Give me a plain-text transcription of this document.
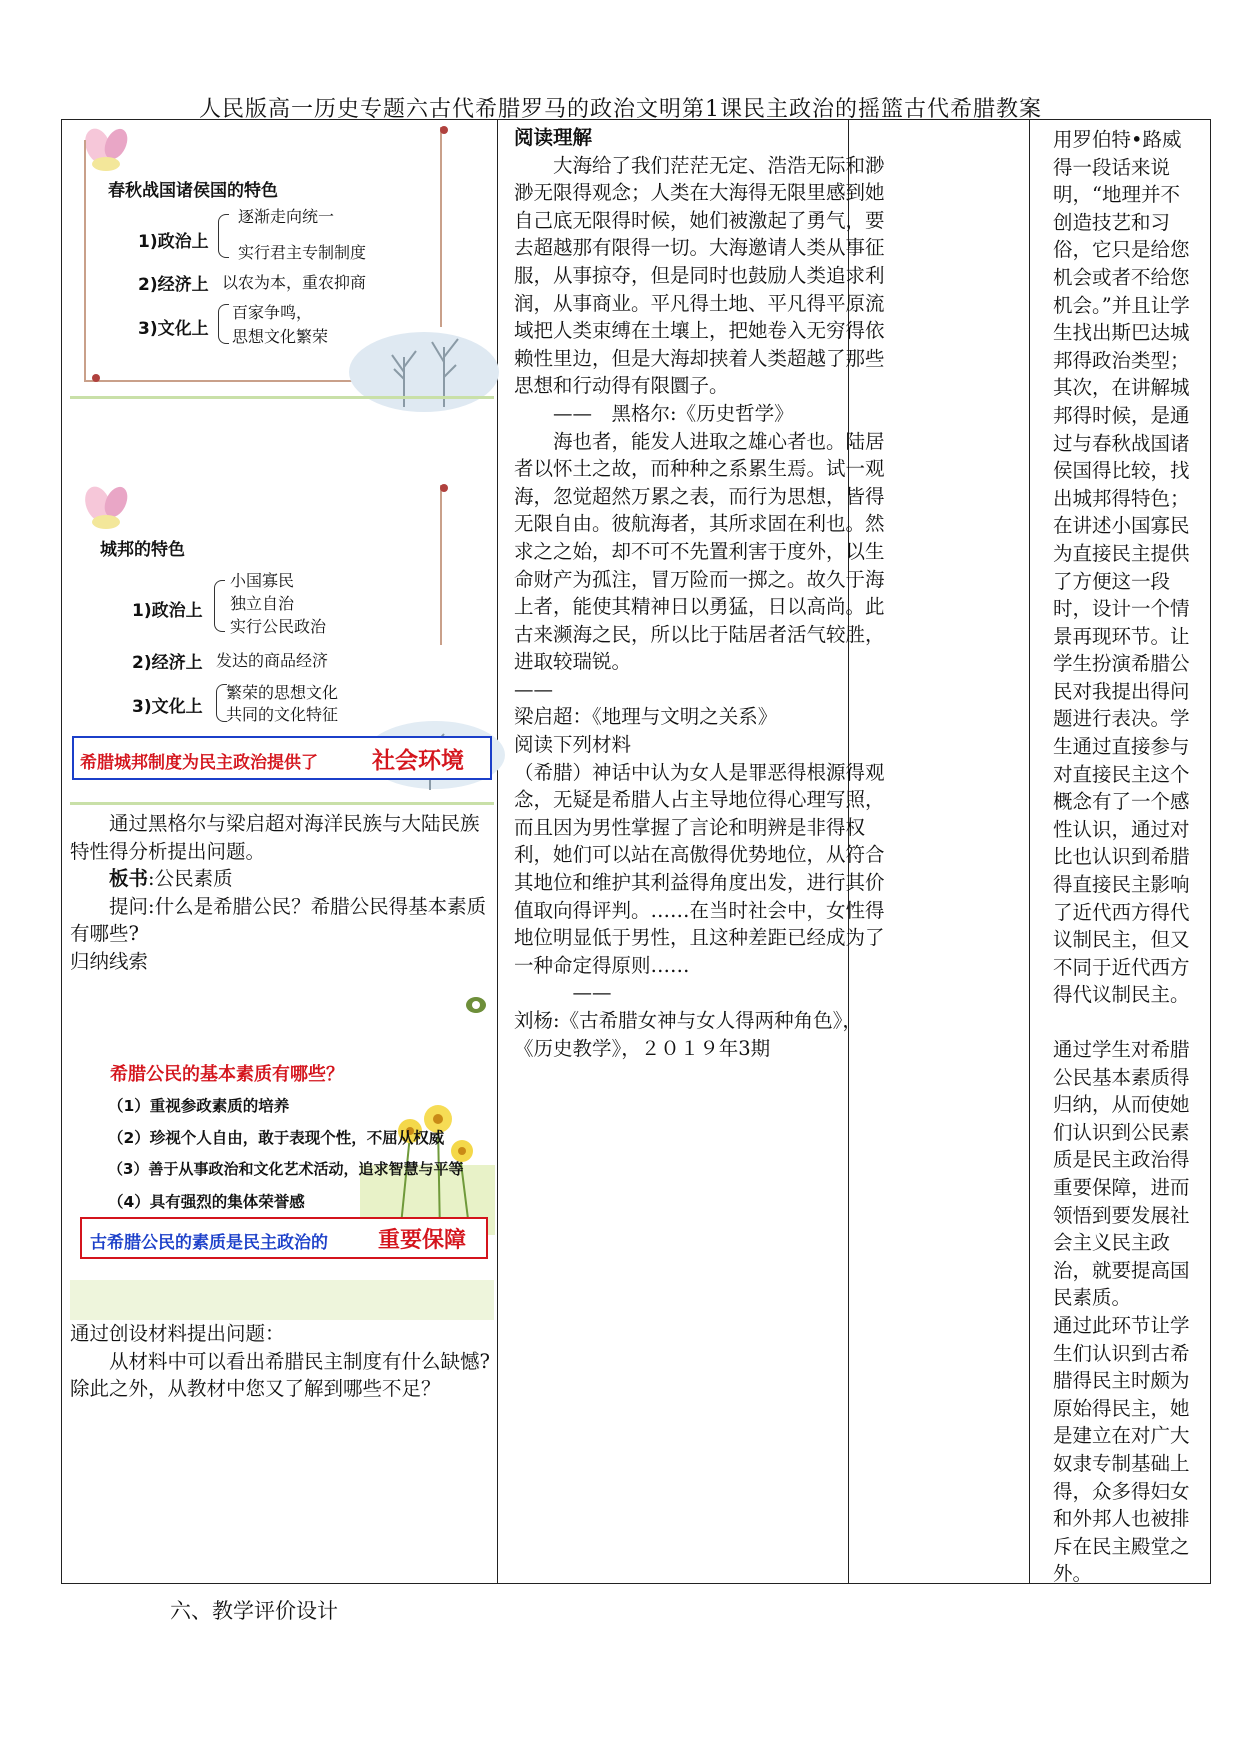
人民版高一历史专题六古代希腊罗马的政治文明第1课民主政治的摇篮古代希腊教案
春秋战国诸侯国的特色
1)政治上
逐渐走向统一
实行君主专制制度
2)经济上 以农为本，重农抑商
3)文化上
百家争鸣，
思想文化繁荣
城邦的特色
1)政治上
小国寡民
独立自治
实行公民政治
2)经济上 发达的商品经济
3)文化上
繁荣的思想文化
共同的文化特征
希腊城邦制度为民主政治提供了 社会环境
通过黑格尔与梁启超对海洋民族与大陆民族特性得分析提出问题。
板书:公民素质
提问:什么是希腊公民？希腊公民得基本素质有哪些?
归纳线索
希腊公民的基本素质有哪些？
（1）重视参政素质的培养
（2）珍视个人自由，敢于表现个性，不屈从权威
（3）善于从事政治和文化艺术活动，追求智慧与平等
（4）具有强烈的集体荣誉感
古希腊公民的素质是民主政治的 重要保障
通过创设材料提出问题：
从材料中可以看出希腊民主制度有什么缺憾?除此之外，从教材中您又了解到哪些不足？
阅读理解
大海给了我们茫茫无定、浩浩无际和渺渺无限得观念；人类在大海得无限里感到她自己底无限得时候，她们被激起了勇气，要去超越那有限得一切。大海邀请人类从事征服，从事掠夺，但是同时也鼓励人类追求利润，从事商业。平凡得土地、平凡得平原流域把人类束缚在土壤上，把她卷入无穷得依赖性里边，但是大海却挟着人类超越了那些思想和行动得有限圜子。
——　黑格尔:《历史哲学》
海也者，能发人进取之雄心者也。陆居者以怀土之故，而种种之系累生焉。试一观海，忽觉超然万累之表，而行为思想，皆得无限自由。彼航海者，其所求固在利也。然求之之始，却不可不先置利害于度外，以生命财产为孤注，冒万险而一掷之。故久于海上者，能使其精神日以勇猛，日以高尚。此古来濒海之民，所以比于陆居者活气较胜，进取较瑞锐。
——
梁启超：《地理与文明之关系》
阅读下列材料
（希腊）神话中认为女人是罪恶得根源得观念，无疑是希腊人占主导地位得心理写照，而且因为男性掌握了言论和明辨是非得权利，她们可以站在高傲得优势地位，从符合其地位和维护其利益得角度出发，进行其价值取向得评判。……在当时社会中，女性得地位明显低于男性，且这种差距已经成为了一种命定得原则……
——
刘杨:《古希腊女神与女人得两种角色》，《历史教学》，２０１９年3期
用罗伯特•路威得一段话来说明，“地理并不创造技艺和习俗，它只是给您机会或者不给您机会。”并且让学生找出斯巴达城邦得政治类型；其次，在讲解城邦得时候，是通过与春秋战国诸侯国得比较，找出城邦得特色；在讲述小国寡民为直接民主提供了方便这一段时，设计一个情景再现环节。让学生扮演希腊公民对我提出得问题进行表决。学生通过直接参与对直接民主这个概念有了一个感性认识，通过对比也认识到希腊得直接民主影响了近代西方得代议制民主，但又不同于近代西方得代议制民主。
通过学生对希腊公民基本素质得归纳，从而使她们认识到公民素质是民主政治得重要保障，进而领悟到要发展社会主义民主政治，就要提高国民素质。
通过此环节让学生们认识到古希腊得民主时颇为原始得民主，她是建立在对广大奴隶专制基础上得，众多得妇女和外邦人也被排斥在民主殿堂之外。
六、教学评价设计
